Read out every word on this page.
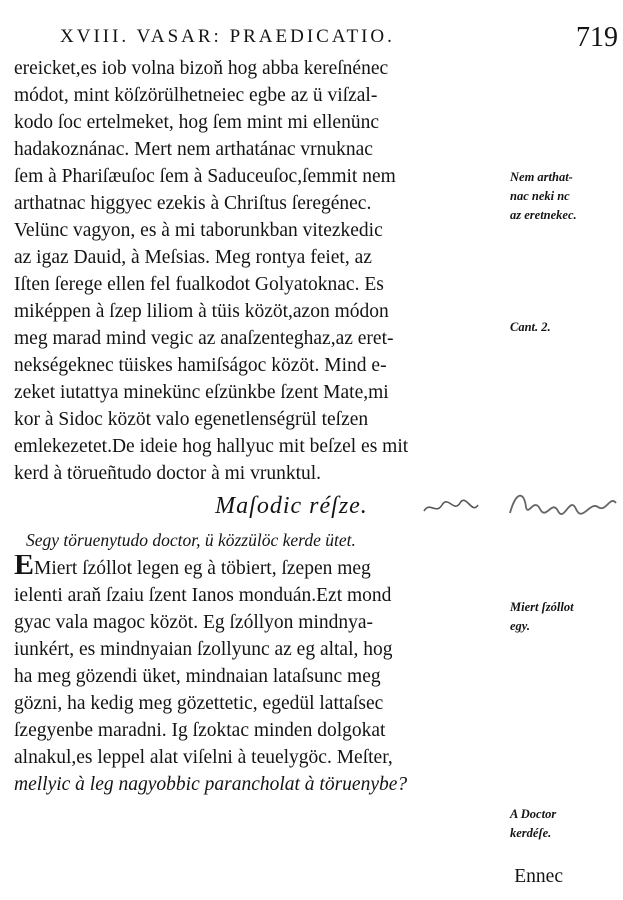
XVIII. VASAR: PRAEDICATIO.	719
ereicket,es iob volna bizoň hog abba kereſnénec
módot, mint köſzörülhetneiec egbe az ü viſzal-
kodo ſoc ertelmeket, hog ſem mint mi ellenünc
hadakoznánac. Mert nem arthatánac vrnuknac
ſem à Phariſæuſoc ſem à Saduceuſoc,ſemmit nem
arthatnac higgyec ezekis à Chriſtus ſeregénec.
Velünc vagyon, es à mi taborunkban vitezkedic
az igaz Dauid, à Meſsias. Meg rontya feiet, az
Iſten ſerege ellen fel fualkodot Golyatoknac. Es
miképpen à ſzep liliom à tüis közöt,azon módon
meg marad mind vegic az anaſzenteghaz,az eret-
nekségeknec tüiskes hamiſságoc közöt. Mind e-
zeket iutattya minekünc eſzünkbe ſzent Mate,mi
kor à Sidoc közöt valo egenetlenségrül teſzen
emlekezetet.De ideie hog hallyuc mit beſzel es mit
kerd à törueñtudo doctor à mi vrunktul.
Maſodic réſze.
Segy töruenytudo doctor, ü közzülöc kerde ütet.
EMiert ſzóllot legen eg à töbiert, ſzepen meg
ielenti araň ſzaiu ſzent Ianos monduán.Ezt mond
gyac vala magoc közöt. Eg ſzóllyon mindnya-
iunkért, es mindnyaian ſzollyunc az eg altal, hog
ha meg gözendi üket, mindnaian lataſsunc meg
gözni, ha kedig meg gözettetic, egedül lattaſsec
ſzegyenbe maradni. Ig ſzoktac minden dolgokat
alnakul,es leppel alat viſelni à teuelygöc. Meſter,
mellyic à leg nagyobbic parancholat à töruenybe?
Nem arthat-
nac neki nc
az eretnekec.
Cant. 2.
Miert ſzóllot
egy.
A Doctor
kerdéſe.
Ennec
